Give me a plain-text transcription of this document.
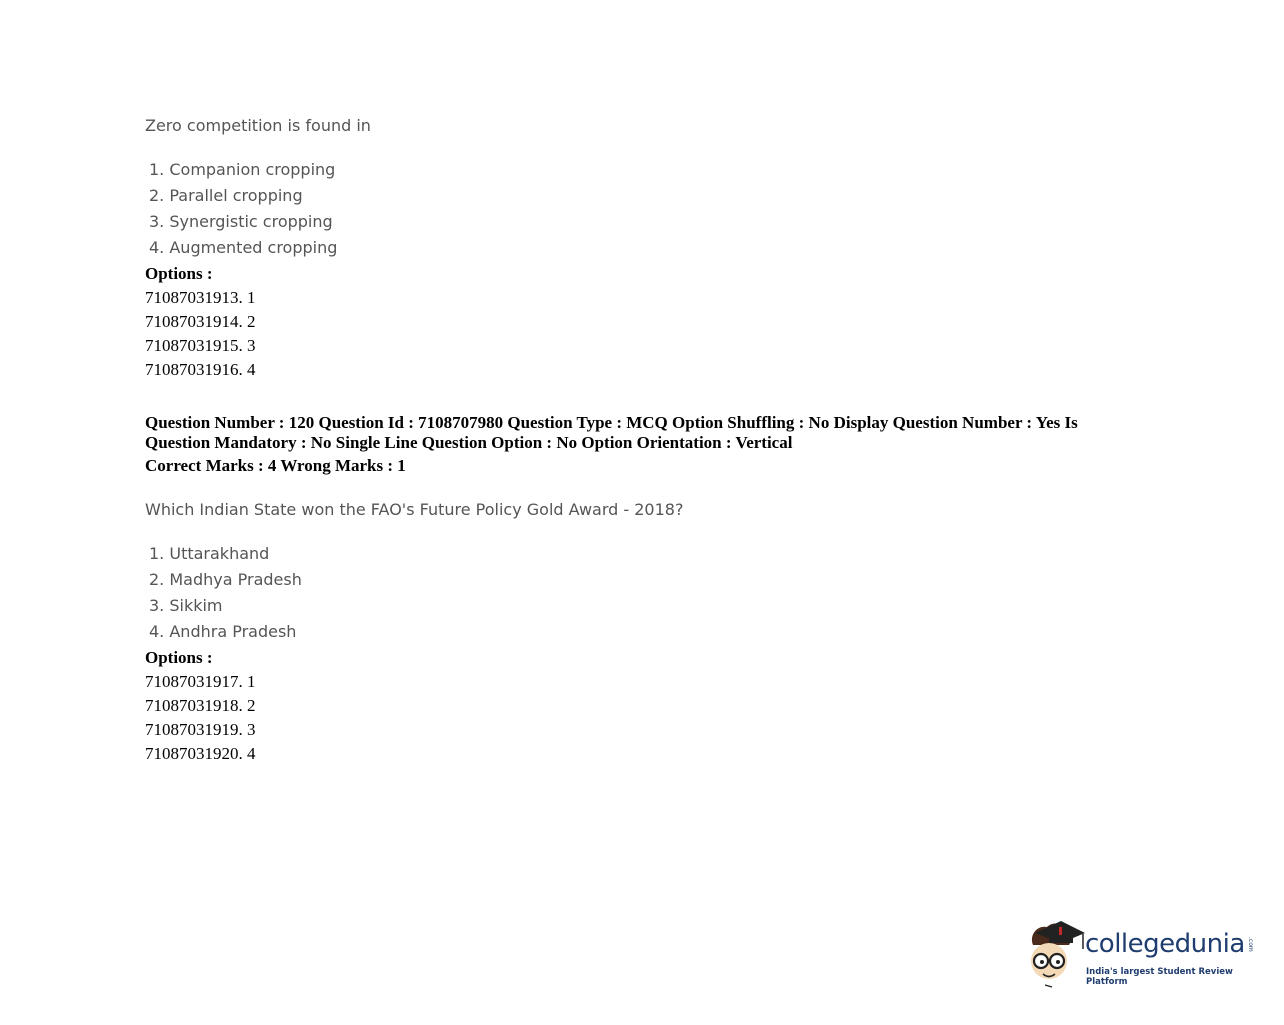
Zero competition is found in
1. Companion cropping
2. Parallel cropping
3. Synergistic cropping
4. Augmented cropping
Options :
71087031913. 1
71087031914. 2
71087031915. 3
71087031916. 4
Question Number : 120 Question Id : 7108707980 Question Type : MCQ Option Shuffling : No Display Question Number : Yes Is
Question Mandatory : No Single Line Question Option : No Option Orientation : Vertical
Correct Marks : 4 Wrong Marks : 1
Which Indian State won the FAO's Future Policy Gold Award - 2018?
1. Uttarakhand
2. Madhya Pradesh
3. Sikkim
4. Andhra Pradesh
Options :
71087031917. 1
71087031918. 2
71087031919. 3
71087031920. 4
collegedunia .com
India's largest Student Review Platform
